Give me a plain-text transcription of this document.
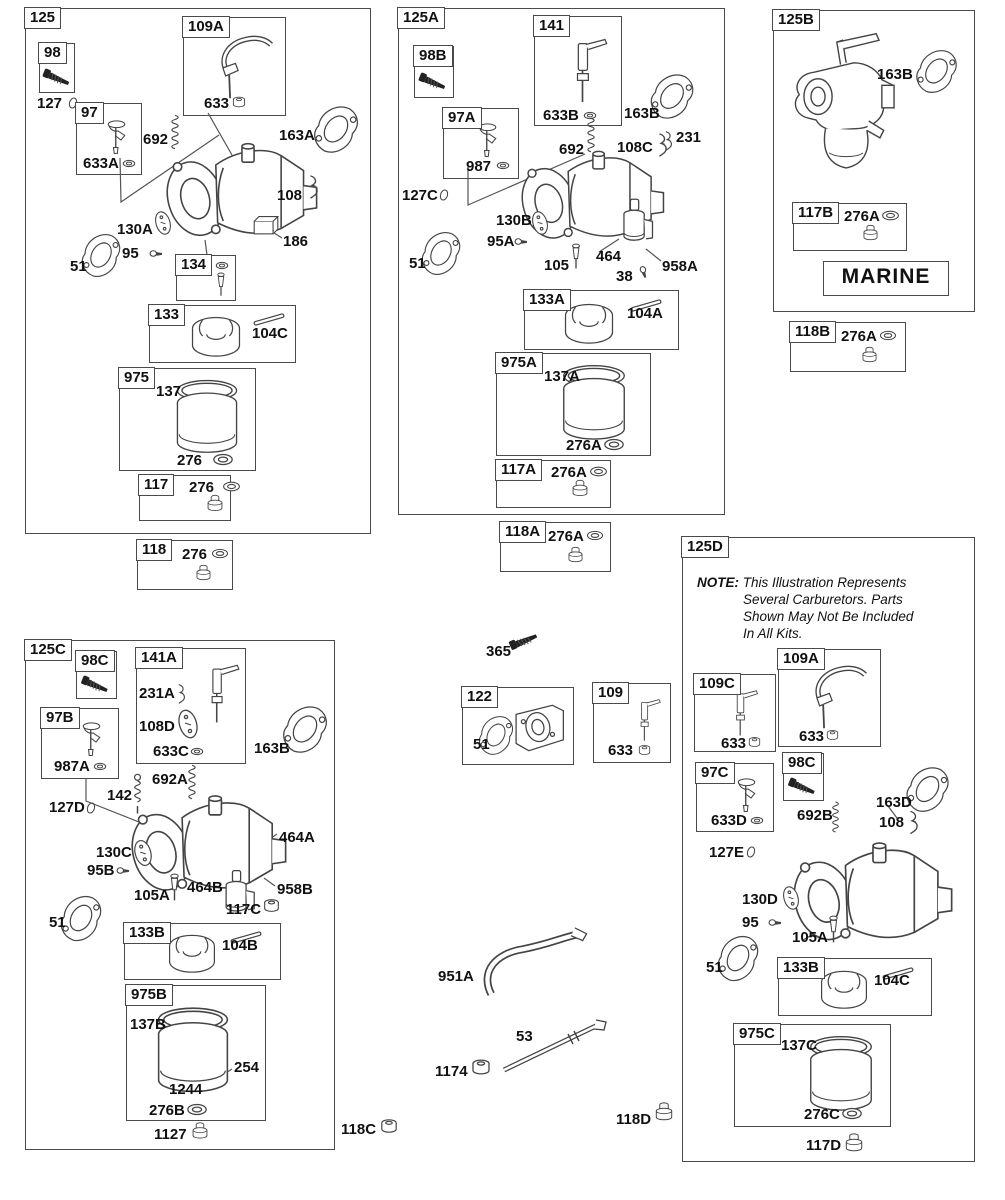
125
98
127
97
633A
692
109A
633
163A
108
186
130A
95
51	134
133
104C
975
137
276
117	276
118	276
125A
98B
141
633B	163B
231
108C
692
97A
987
127C
130B
95A
51	105
464
38
958A
133A
104A
975A
137A
276A
117A 276A
118A 276A
125B
163B
117B 276A
MARINE
118B 276A
125C
98C	141A
231A
108D
633C
97B
987A
163B
692A
142
127D
130C
95B
105A
464A
464B	958B
117C
51
133B
104B
975B
137B
254
1244
276B
1127
125D
NOTE: This Illustration Represents
Several Carburetors. Parts
Shown May Not Be Included
In All Kits.
109C
633
109A
633
97C
633D
98C
692B
163D
108
127E
130D
95
105A
51	133B
104C
975C
137C
276C
117D
365
122
51
109
633
951A
53
1174
118C
118D
